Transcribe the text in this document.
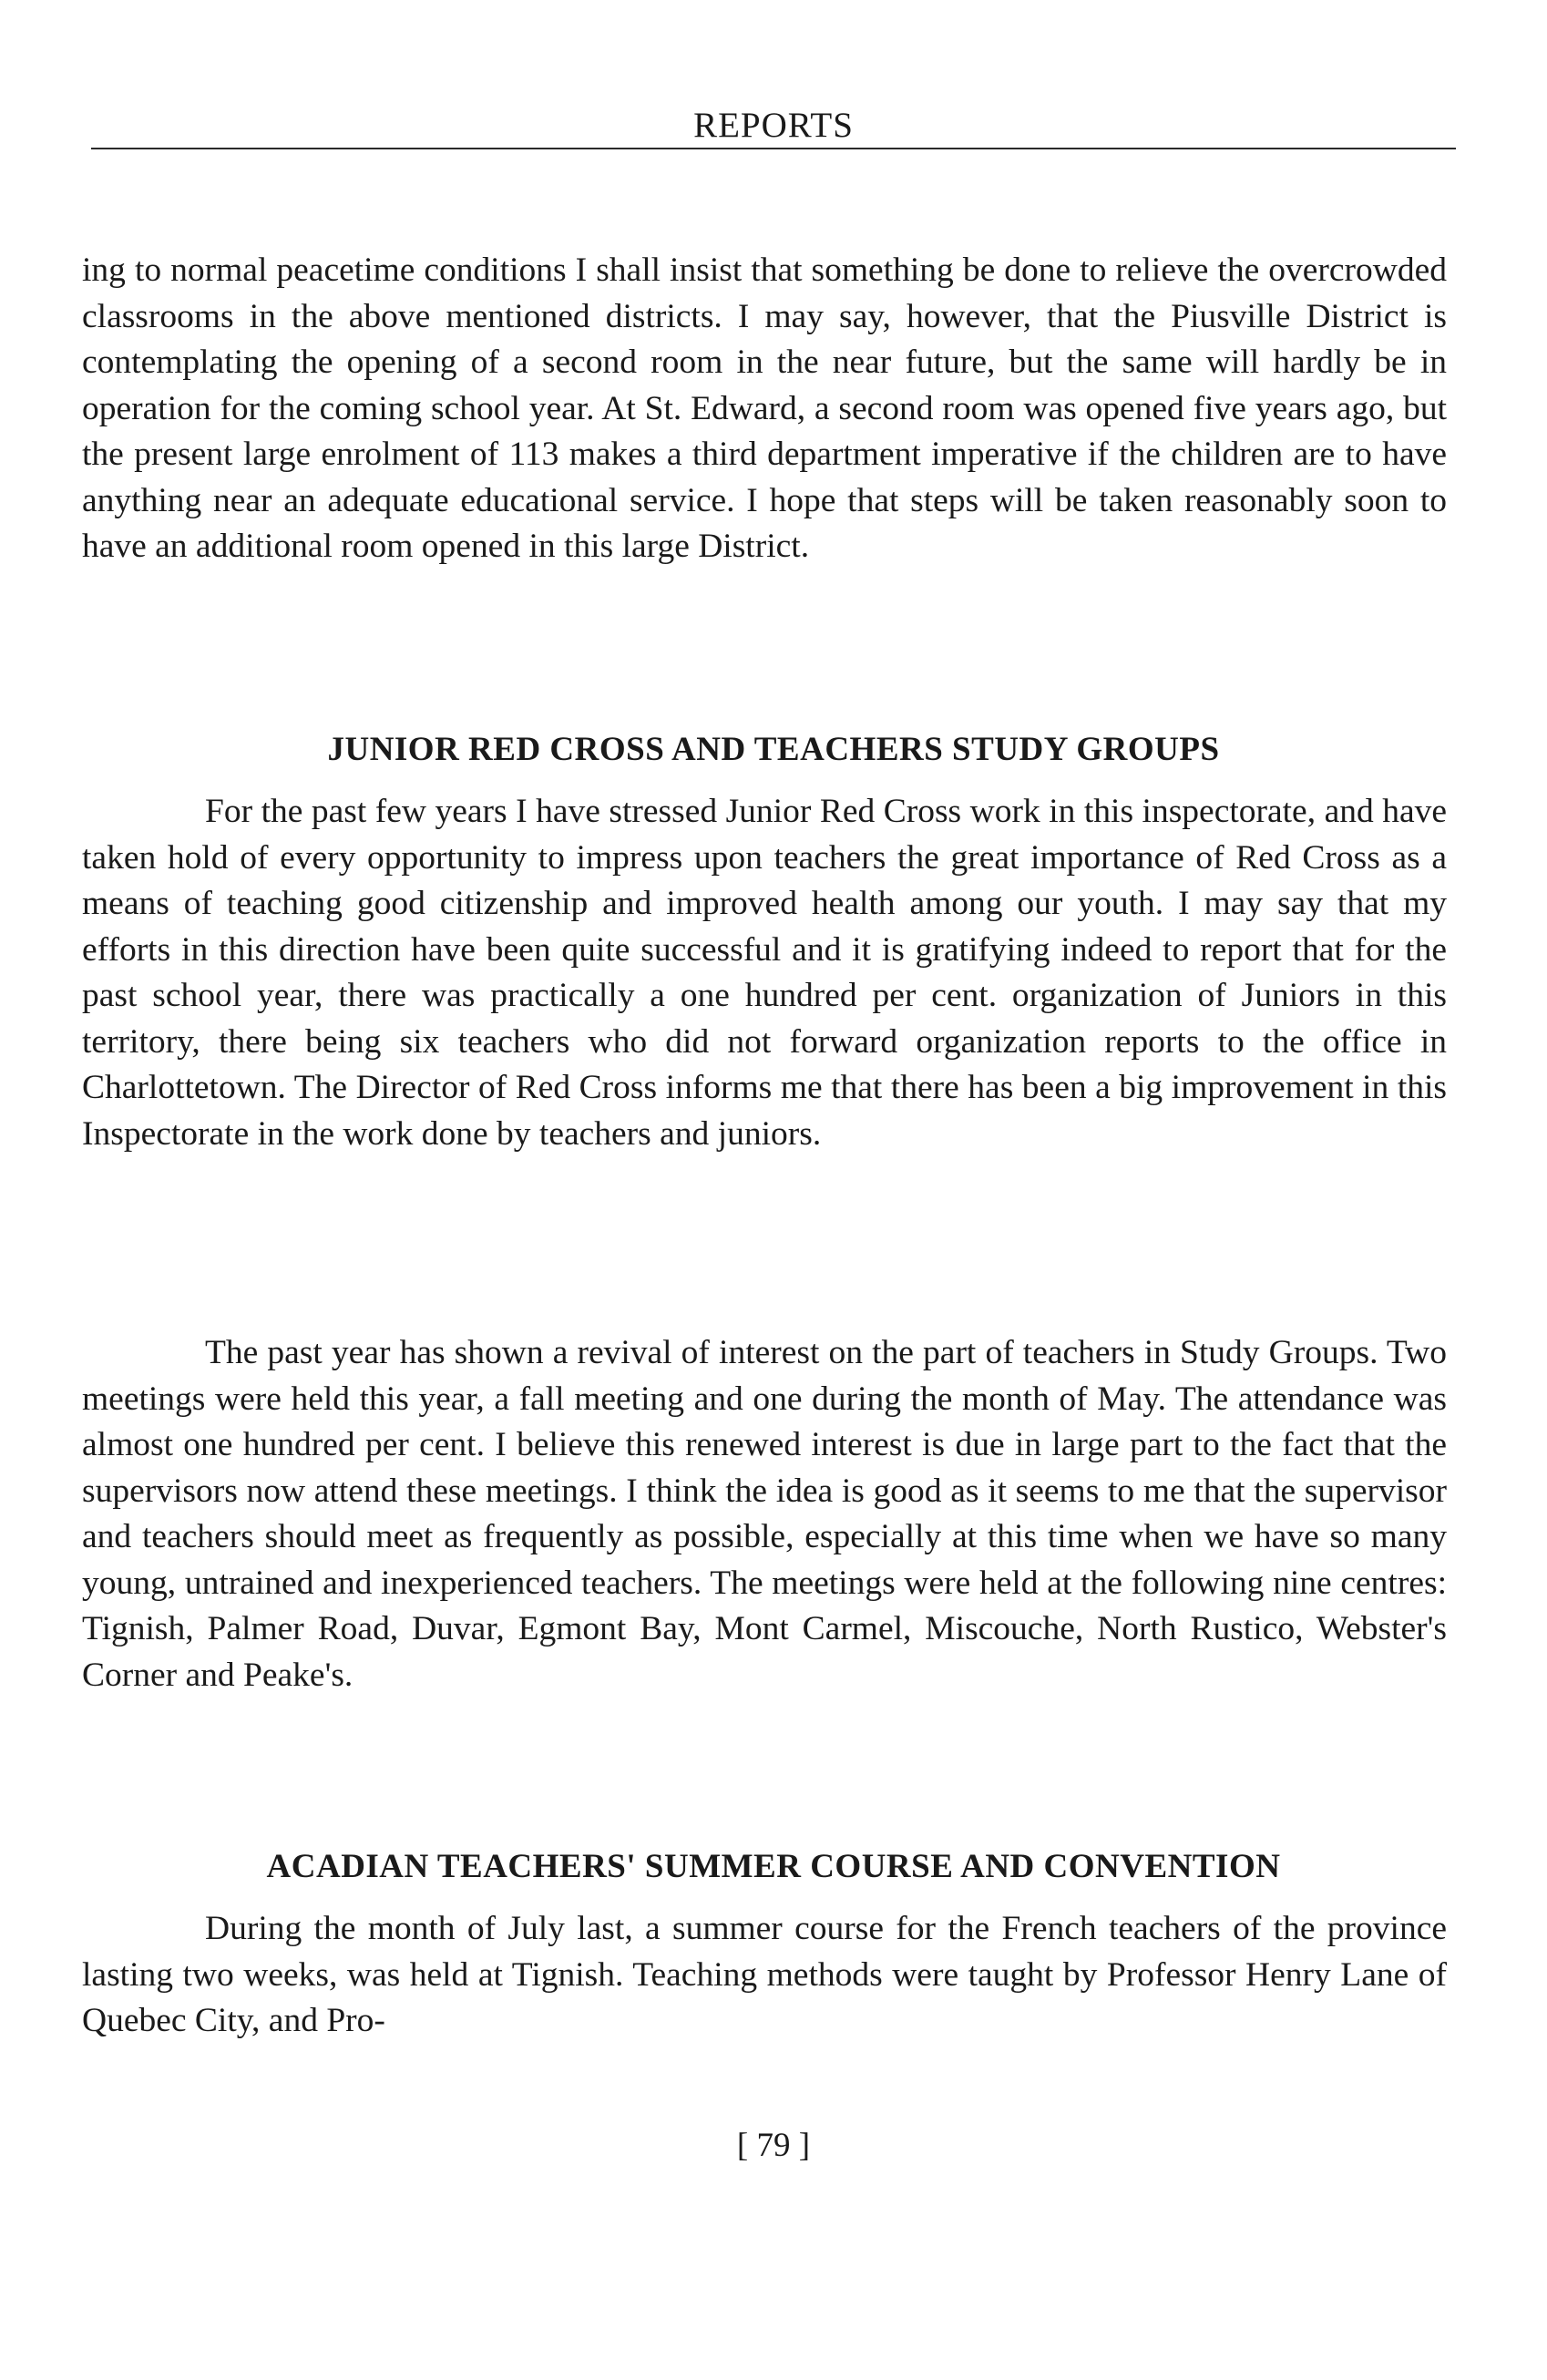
REPORTS

ing to normal peacetime conditions I shall insist that something be done to relieve the overcrowded classrooms in the above mentioned districts. I may say, however, that the Piusville District is contemplating the opening of a second room in the near future, but the same will hardly be in operation for the coming school year. At St. Edward, a second room was opened five years ago, but the present large enrolment of 113 makes a third department imperative if the children are to have anything near an adequate educational service. I hope that steps will be taken reasonably soon to have an additional room opened in this large District.

JUNIOR RED CROSS AND TEACHERS STUDY GROUPS

For the past few years I have stressed Junior Red Cross work in this inspectorate, and have taken hold of every opportunity to impress upon teachers the great importance of Red Cross as a means of teaching good citizenship and improved health among our youth. I may say that my efforts in this direction have been quite successful and it is gratifying indeed to report that for the past school year, there was practically a one hundred per cent. organization of Juniors in this territory, there being six teachers who did not forward organization reports to the office in Charlottetown. The Director of Red Cross informs me that there has been a big improvement in this Inspectorate in the work done by teachers and juniors.

The past year has shown a revival of interest on the part of teachers in Study Groups. Two meetings were held this year, a fall meeting and one during the month of May. The attendance was almost one hundred per cent. I believe this renewed interest is due in large part to the fact that the supervisors now attend these meetings. I think the idea is good as it seems to me that the supervisor and teachers should meet as frequently as possible, especially at this time when we have so many young, untrained and inexperienced teachers. The meetings were held at the following nine centres: Tignish, Palmer Road, Duvar, Egmont Bay, Mont Carmel, Miscouche, North Rustico, Webster's Corner and Peake's.

ACADIAN TEACHERS' SUMMER COURSE AND CONVENTION

During the month of July last, a summer course for the French teachers of the province lasting two weeks, was held at Tignish. Teaching methods were taught by Professor Henry Lane of Quebec City, and Pro-

[ 79 ]
